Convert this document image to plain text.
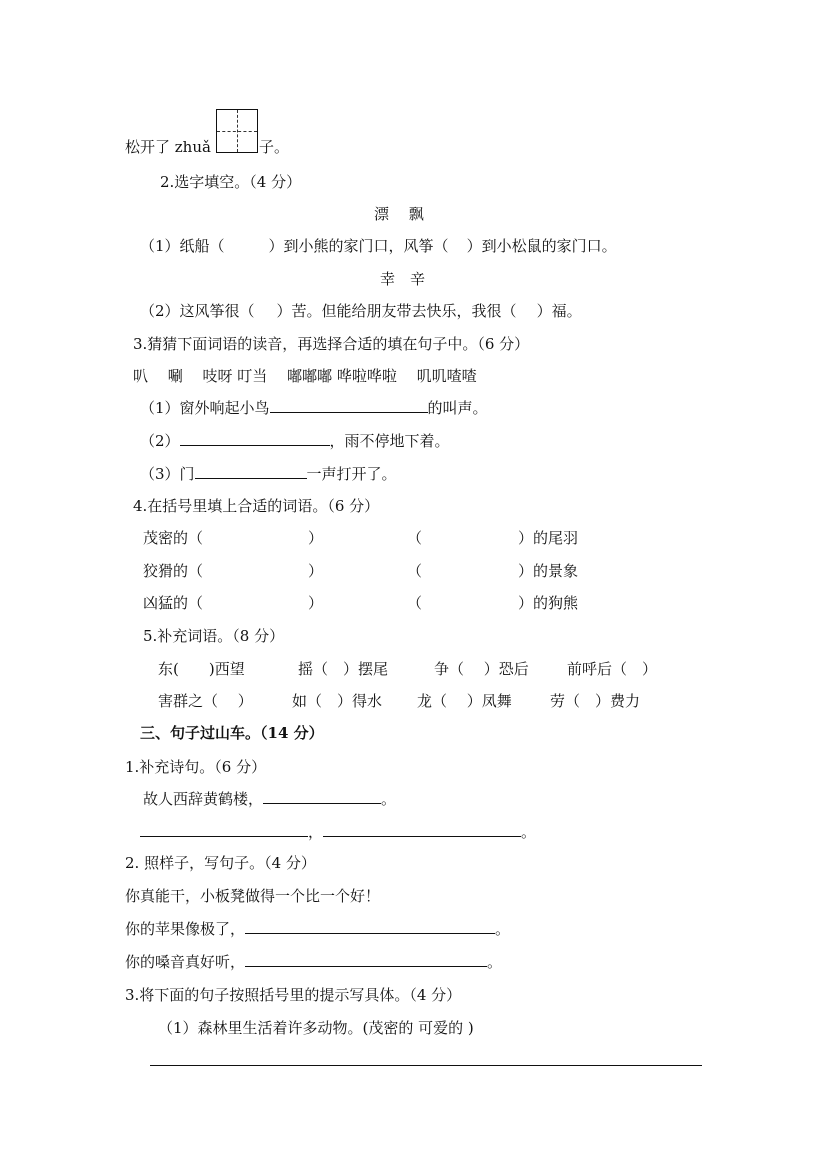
松开了 zhuǎ	子。
2.选字填空。（4 分）
漂　 飘
（1）纸船（	）到小熊的家门口，风筝（ ）到小松鼠的家门口。
幸　辛
（2）这风筝很（ ）苦。但能给朋友带去快乐，我很（ ）福。
3.猜猜下面词语的读音，再选择合适的填在句子中。（6 分）
叭　 唰　 吱呀 叮当　 嘟嘟嘟 哗啦哗啦　 叽叽喳喳
（1）窗外响起小鸟	的叫声。
（2）	，雨不停地下着。
（3）门	一声打开了。
4.在括号里填上合适的词语。（6 分）
茂密的（	）	（	）的尾羽
狡猾的（	）	（	）的景象
凶猛的（	）	（	）的狗熊
5.补充词语。（8 分）
东(　　)西望	摇（　）摆尾	争（　 ）恐后	前呼后（　）
害群之（　 ）	如（　）得水 龙（　 ）凤舞	劳（　）费力
三、句子过山车。（14 分）
1.补充诗句。（6 分）
故人西辞黄鹤楼，	。
，	。
2. 照样子，写句子。（4 分）
你真能干，小板凳做得一个比一个好！
你的苹果像极了，	。
你的嗓音真好听，	。
3.将下面的句子按照括号里的提示写具体。（4 分）
（1）森林里生活着许多动物。(茂密的 可爱的 )
